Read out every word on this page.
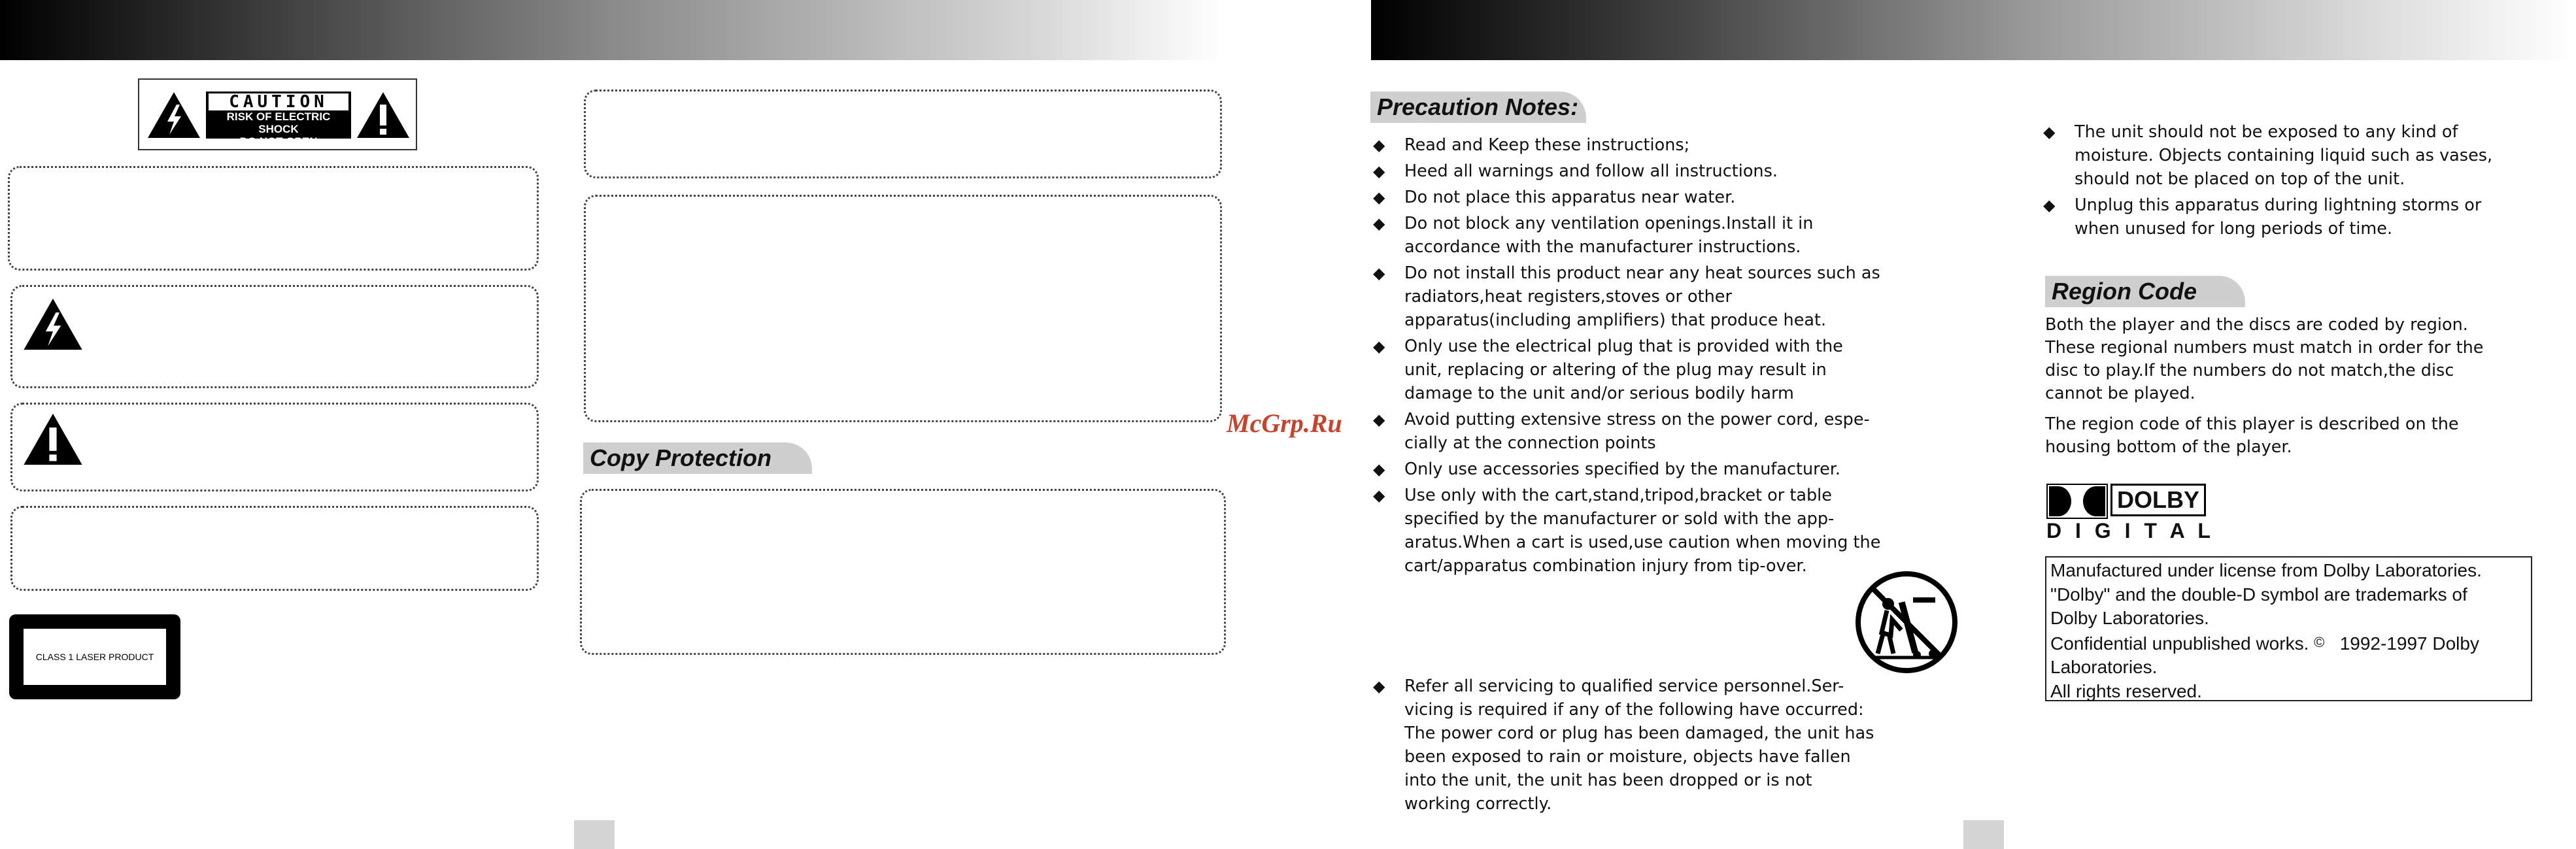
CAUTION
RISK OF ELECTRIC SHOCK
DO NOT OPEN
CLASS 1 LASER PRODUCT
Copy Protection
McGrp.Ru
Precaution Notes:
◆ Read and Keep these instructions;
◆ Heed all warnings and follow all instructions.
◆ Do not place this apparatus near water.
◆ Do not block any ventilation openings.Install it in accordance with the manufacturer instructions.
◆ Do not install this product near any heat sources such as radiators,heat registers,stoves or other apparatus(including amplifiers) that produce heat.
◆ Only use the electrical plug that is provided with the unit, replacing or altering of the plug may result in damage to the unit and/or serious bodily harm
◆ Avoid putting extensive stress on the power cord, espe-cially at the connection points
◆ Only use accessories specified by the manufacturer.
◆ Use only with the cart,stand,tripod,bracket or table specified by the manufacturer or sold with the app-aratus.When a cart is used,use caution when moving the cart/apparatus combination injury from tip-over.
◆ Refer all servicing to qualified service personnel.Ser-vicing is required if any of the following have occurred: The power cord or plug has been damaged, the unit has been exposed to rain or moisture, objects have fallen into the unit, the unit has been dropped or is not working correctly.
◆ The unit should not be exposed to any kind of moisture. Objects containing liquid such as vases, should not be placed on top of the unit.
◆ Unplug this apparatus during lightning storms or when unused for long periods of time.
Region Code

Both the player and the discs are coded by region. These regional numbers must match in order for the disc to play.If the numbers do not match,the disc cannot be played.

The region code of this player is described on the housing bottom of the player.

DOLBY
D I G I T A L
Manufactured under license from Dolby Laboratories.
"Dolby" and the double-D symbol are trademarks of
Dolby Laboratories.
Confidential unpublished works. © 1992-1997 Dolby
Laboratories.
All rights reserved.
